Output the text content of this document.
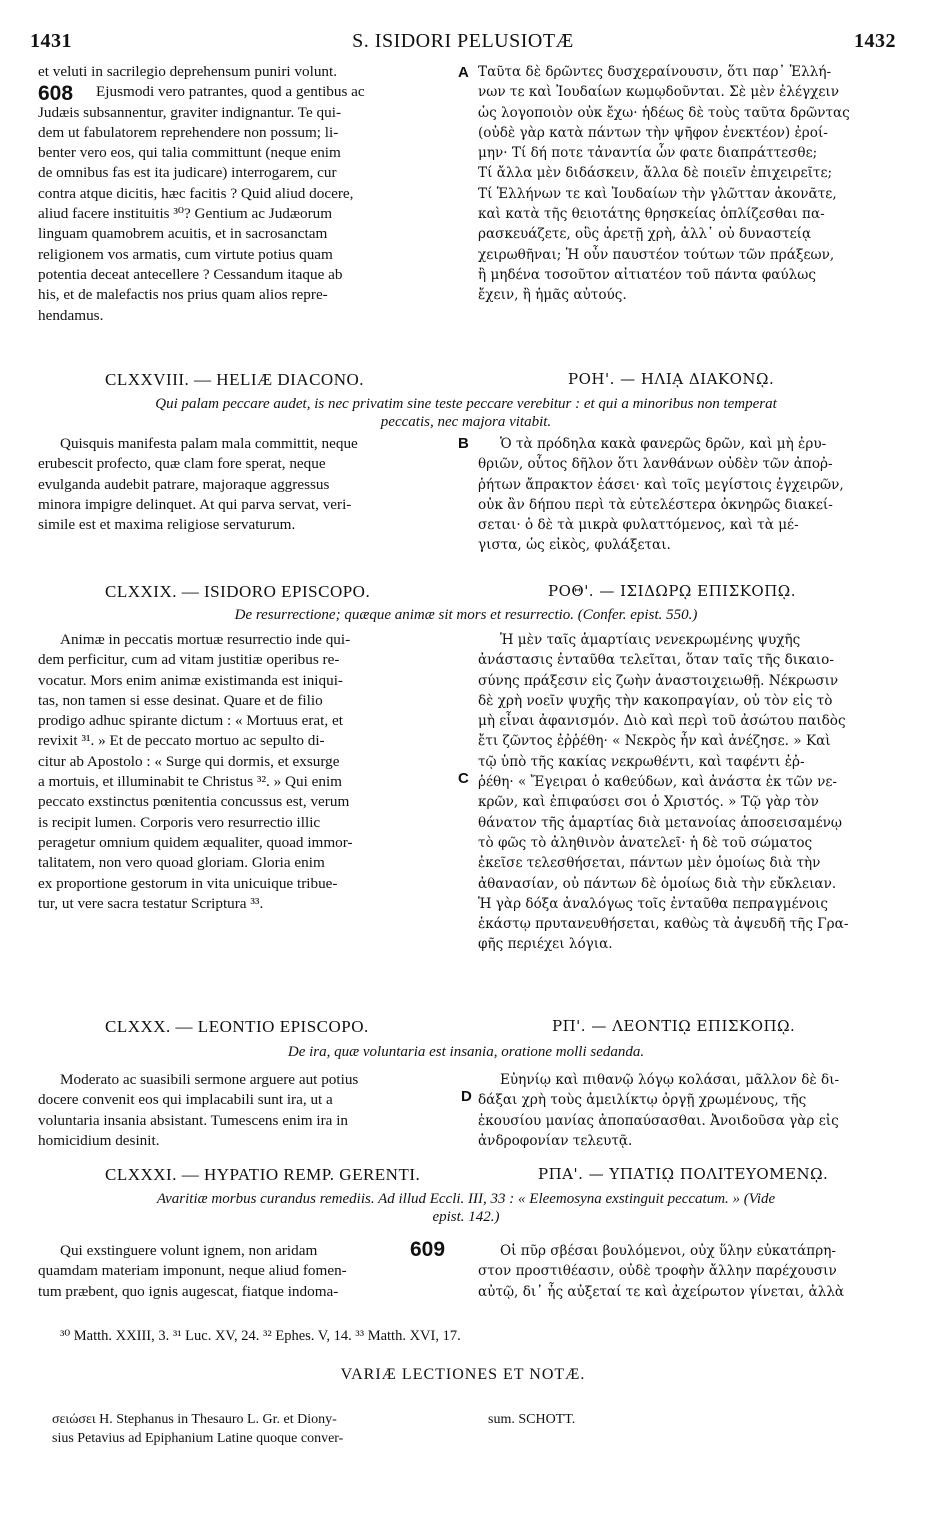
1431	S. ISIDORI PELUSIOTÆ	1432
et veluti in sacrilegio deprehensum puniri volunt.
Ejusmodi vero patrantes, quod a gentibus ac
Judæis subsannentur, graviter indignantur. Te qui-
dem ut fabulatorem reprehendere non possum; li-
benter vero eos, qui talia committunt (neque enim
de omnibus fas est ita judicare) interrogarem, cur
contra atque dicitis, hæc facitis ? Quid aliud docere,
aliud facere instituitis ³⁰? Gentium ac Judæorum
linguam quamobrem acuitis, et in sacrosanctam
religionem vos armatis, cum virtute potius quam
potentia deceat antecellere ? Cessandum itaque ab
his, et de malefactis nos prius quam alios repre-
hendamus.
608
A Ταῦτα δὲ δρῶντες δυσχεραίνουσιν, ὅτι παρ᾽ Ἑλλή-
νων τε καὶ Ἰουδαίων κωμῳδοῦνται. Σὲ μὲν ἐλέγχειν
ὡς λογοποιὸν οὐκ ἔχω· ἡδέως δὲ τοὺς ταῦτα δρῶντας
(οὐδὲ γὰρ κατὰ πάντων τὴν ψῆφον ἐνεκτέον) ἐροί-
μην· Τί δή ποτε τἀναντία ὧν φατε διαπράττεσθε;
Τί ἄλλα μὲν διδάσκειν, ἄλλα δὲ ποιεῖν ἐπιχειρεῖτε;
Τί Ἑλλήνων τε καὶ Ἰουδαίων τὴν γλῶτταν ἀκονᾶτε,
καὶ κατὰ τῆς θειοτάτης θρησκείας ὁπλίζεσθαι πα-
ρασκευάζετε, οὓς ἀρετῇ χρὴ, ἀλλ᾽ οὐ δυναστείᾳ
χειρωθῆναι; Ἡ οὖν παυστέον τούτων τῶν πράξεων,
ἢ μηδένα τοσοῦτον αἰτιατέον τοῦ πάντα φαύλως
ἔχειν, ἢ ἡμᾶς αὐτούς.
CLXXVIII. — HELIÆ DIACONO.	ΡΟΗ'. — ΗΛΙᾼ ΔΙΑΚΟΝῼ.
Qui palam peccare audet, is nec privatim sine teste peccare verebitur : et qui a minoribus non temperat
peccatis, nec majora vitabit.
B
Quisquis manifesta palam mala committit, neque
erubescit profecto, quæ clam fore sperat, neque
evulganda audebit patrare, majoraque aggressus
minora impigre delinquet. At qui parva servat, veri-
simile est et maxima religiose servaturum.
Ὁ τὰ πρόδηλα κακὰ φανερῶς δρῶν, καὶ μὴ ἐρυ-
θριῶν, οὗτος δῆλον ὅτι λανθάνων οὐδὲν τῶν ἀποῤ-
ῥήτων ἄπρακτον ἐάσει· καὶ τοῖς μεγίστοις ἐγχειρῶν,
οὐκ ἂν δήπου περὶ τὰ εὐτελέστερα ὀκνηρῶς διακεί-
σεται· ὁ δὲ τὰ μικρὰ φυλαττόμενος, καὶ τὰ μέ-
γιστα, ὡς εἰκὸς, φυλάξεται.
CLXXIX. — ISIDORO EPISCOPO.	ΡΟΘ'. — ΙΣΙΔΩΡῼ ΕΠΙΣΚΟΠῼ.
De resurrectione; quæque animæ sit mors et resurrectio. (Confer. epist. 550.)
C
Animæ in peccatis mortuæ resurrectio inde qui-
dem perficitur, cum ad vitam justitiæ operibus re-
vocatur. Mors enim animæ existimanda est iniqui-
tas, non tamen si esse desinat. Quare et de filio
prodigo adhuc spirante dictum : « Mortuus erat, et
revixit ³¹. » Et de peccato mortuo ac sepulto di-
citur ab Apostolo : « Surge qui dormis, et exsurge
a mortuis, et illuminabit te Christus ³². » Qui enim
peccato exstinctus pœnitentia concussus est, verum
is recipit lumen. Corporis vero resurrectio illic
peragetur omnium quidem æqualiter, quoad immor-
talitatem, non vero quoad gloriam. Gloria enim
ex proportione gestorum in vita unicuique tribue-
tur, ut vere sacra testatur Scriptura ³³.
Ἡ μὲν ταῖς ἁμαρτίαις νενεκρωμένης ψυχῆς
ἀνάστασις ἐνταῦθα τελεῖται, ὅταν ταῖς τῆς δικαιο-
σύνης πράξεσιν εἰς ζωὴν ἀναστοιχειωθῇ. Νέκρωσιν
δὲ χρὴ νοεῖν ψυχῆς τὴν κακοπραγίαν, οὐ τὸν εἰς τὸ
μὴ εἶναι ἀφανισμόν. Διὸ καὶ περὶ τοῦ ἀσώτου παιδὸς
ἔτι ζῶντος ἐῤῥέθη· « Νεκρὸς ἦν καὶ ἀνέζησε. » Καὶ
τῷ ὑπὸ τῆς κακίας νεκρωθέντι, καὶ ταφέντι ἐῤ-
ῥέθη· « Ἔγειραι ὁ καθεύδων, καὶ ἀνάστα ἐκ τῶν νε-
κρῶν, καὶ ἐπιφαύσει σοι ὁ Χριστός. » Τῷ γὰρ τὸν
θάνατον τῆς ἁμαρτίας διὰ μετανοίας ἀποσεισαμένῳ
τὸ φῶς τὸ ἀληθινὸν ἀνατελεῖ· ἡ δὲ τοῦ σώματος
ἐκεῖσε τελεσθήσεται, πάντων μὲν ὁμοίως διὰ τὴν
ἀθανασίαν, οὐ πάντων δὲ ὁμοίως διὰ τὴν εὔκλειαν.
Ἡ γὰρ δόξα ἀναλόγως τοῖς ἐνταῦθα πεπραγμένοις
ἑκάστῳ πρυτανευθήσεται, καθὼς τὰ ἀψευδῆ τῆς Γρα-
φῆς περιέχει λόγια.
CLXXX. — LEONTIO EPISCOPO.	ΡΠ'. — ΛΕΟΝΤΙῼ ΕΠΙΣΚΟΠῼ.
De ira, quæ voluntaria est insania, oratione molli sedanda.
D
Moderato ac suasibili sermone arguere aut potius
docere convenit eos qui implacabili sunt ira, ut a
voluntaria insania absistant. Tumescens enim ira in
homicidium desinit.
Εὐηνίῳ καὶ πιθανῷ λόγῳ κολάσαι, μᾶλλον δὲ δι-
δάξαι χρὴ τοὺς ἀμειλίκτῳ ὀργῇ χρωμένους, τῆς
ἑκουσίου μανίας ἀποπαύσασθαι. Ἀνοιδοῦσα γὰρ εἰς
ἀνδροφονίαν τελευτᾷ.
CLXXXI. — HYPATIO REMP. GERENTI.	ΡΠΑ'. — ΥΠΑΤΙῼ ΠΟΛΙΤΕΥΟΜΕΝῼ.
Avaritiæ morbus curandus remediis. Ad illud Eccli. III, 33 : « Eleemosyna exstinguit peccatum. » (Vide
epist. 142.)
Qui exstinguere volunt ignem, non aridam
quamdam materiam imponunt, neque aliud fomen-
tum præbent, quo ignis augescat, fiatque indoma-
609	Οἱ πῦρ σβέσαι βουλόμενοι, οὐχ ὕλην εὐκατάπρη-
στον προστιθέασιν, οὐδὲ τροφὴν ἄλλην παρέχουσιν
αὐτῷ, δι᾽ ἧς αὐξεταί τε καὶ ἀχείρωτον γίνεται, ἀλλὰ
³⁰ Matth. XXIII, 3. ³¹ Luc. XV, 24. ³² Ephes. V, 14. ³³ Matth. XVI, 17.
VARIÆ LECTIONES ET NOTÆ.
σειώσει H. Stephanus in Thesauro L. Gr. et Diony-
sius Petavius ad Epiphanium Latine quoque conver-
sum. SCHOTT.
